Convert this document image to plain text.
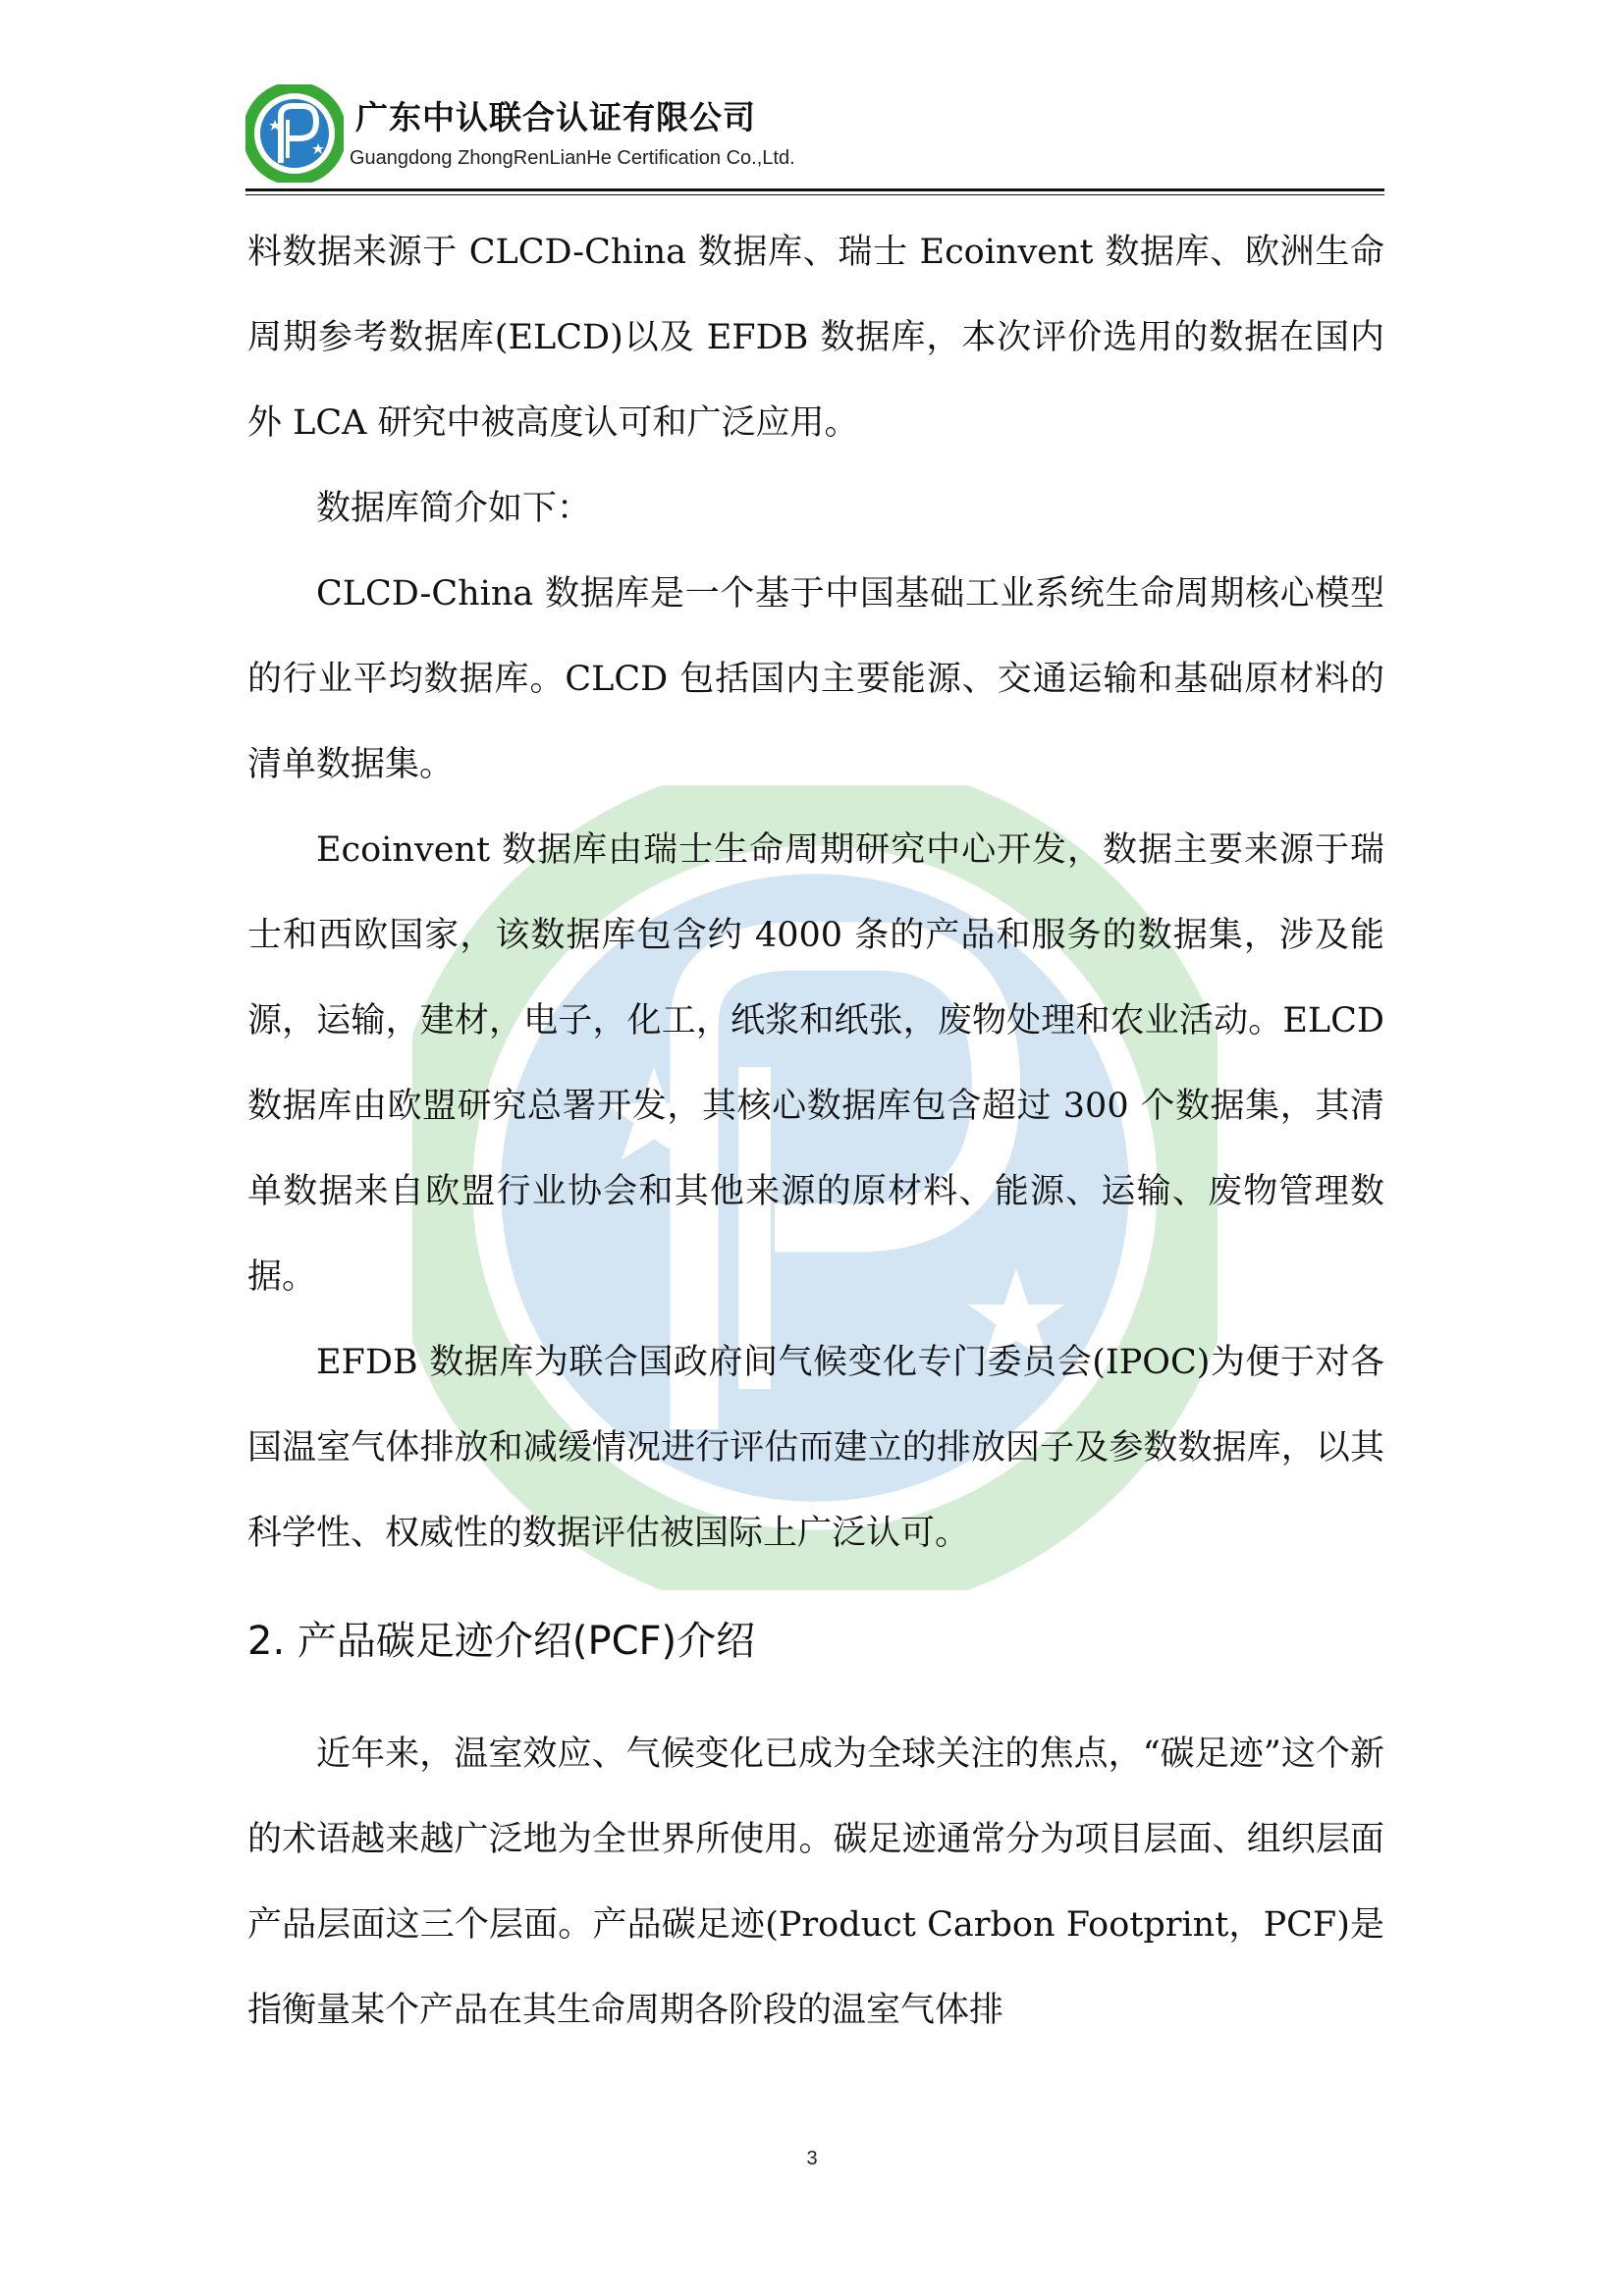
广东中认联合认证有限公司
Guangdong ZhongRenLianHe Certification Co.,Ltd.

料数据来源于 CLCD-China 数据库、瑞士 Ecoinvent 数据库、欧洲生命周期参考数据库(ELCD)以及 EFDB 数据库，本次评价选用的数据在国内外 LCA 研究中被高度认可和广泛应用。

数据库简介如下：

CLCD-China 数据库是一个基于中国基础工业系统生命周期核心模型的行业平均数据库。CLCD 包括国内主要能源、交通运输和基础原材料的清单数据集。

Ecoinvent 数据库由瑞士生命周期研究中心开发，数据主要来源于瑞士和西欧国家，该数据库包含约 4000 条的产品和服务的数据集，涉及能源，运输，建材，电子，化工，纸浆和纸张，废物处理和农业活动。ELCD 数据库由欧盟研究总署开发，其核心数据库包含超过 300 个数据集，其清单数据来自欧盟行业协会和其他来源的原材料、能源、运输、废物管理数据。

EFDB 数据库为联合国政府间气候变化专门委员会(IPOC)为便于对各国温室气体排放和减缓情况进行评估而建立的排放因子及参数数据库，以其科学性、权威性的数据评估被国际上广泛认可。

2. 产品碳足迹介绍(PCF)介绍

近年来，温室效应、气候变化已成为全球关注的焦点，“碳足迹”这个新的术语越来越广泛地为全世界所使用。碳足迹通常分为项目层面、组织层面产品层面这三个层面。产品碳足迹(Product Carbon Footprint，PCF)是指衡量某个产品在其生命周期各阶段的温室气体排

3
